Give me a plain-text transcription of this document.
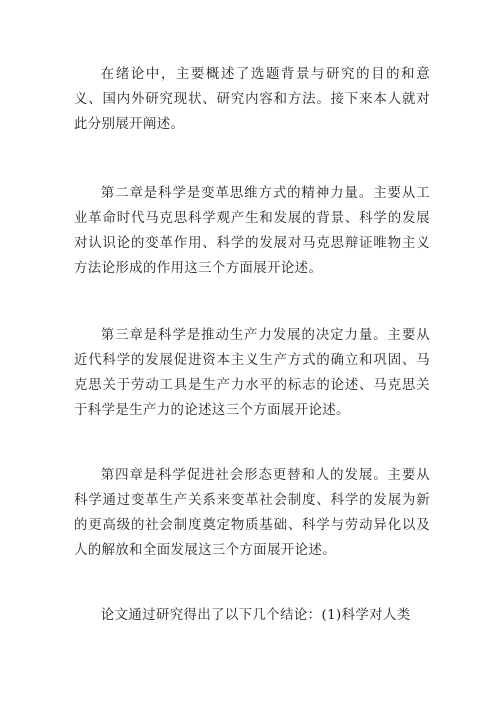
在绪论中，主要概述了选题背景与研究的目的和意义、国内外研究现状、研究内容和方法。接下来本人就对此分别展开阐述。

第二章是科学是变革思维方式的精神力量。主要从工业革命时代马克思科学观产生和发展的背景、科学的发展对认识论的变革作用、科学的发展对马克思辩证唯物主义方法论形成的作用这三个方面展开论述。

第三章是科学是推动生产力发展的决定力量。主要从近代科学的发展促进资本主义生产方式的确立和巩固、马克思关于劳动工具是生产力水平的标志的论述、马克思关于科学是生产力的论述这三个方面展开论述。

第四章是科学促进社会形态更替和人的发展。主要从科学通过变革生产关系来变革社会制度、科学的发展为新的更高级的社会制度奠定物质基础、科学与劳动异化以及人的解放和全面发展这三个方面展开论述。

论文通过研究得出了以下几个结论：(1)科学对人类
